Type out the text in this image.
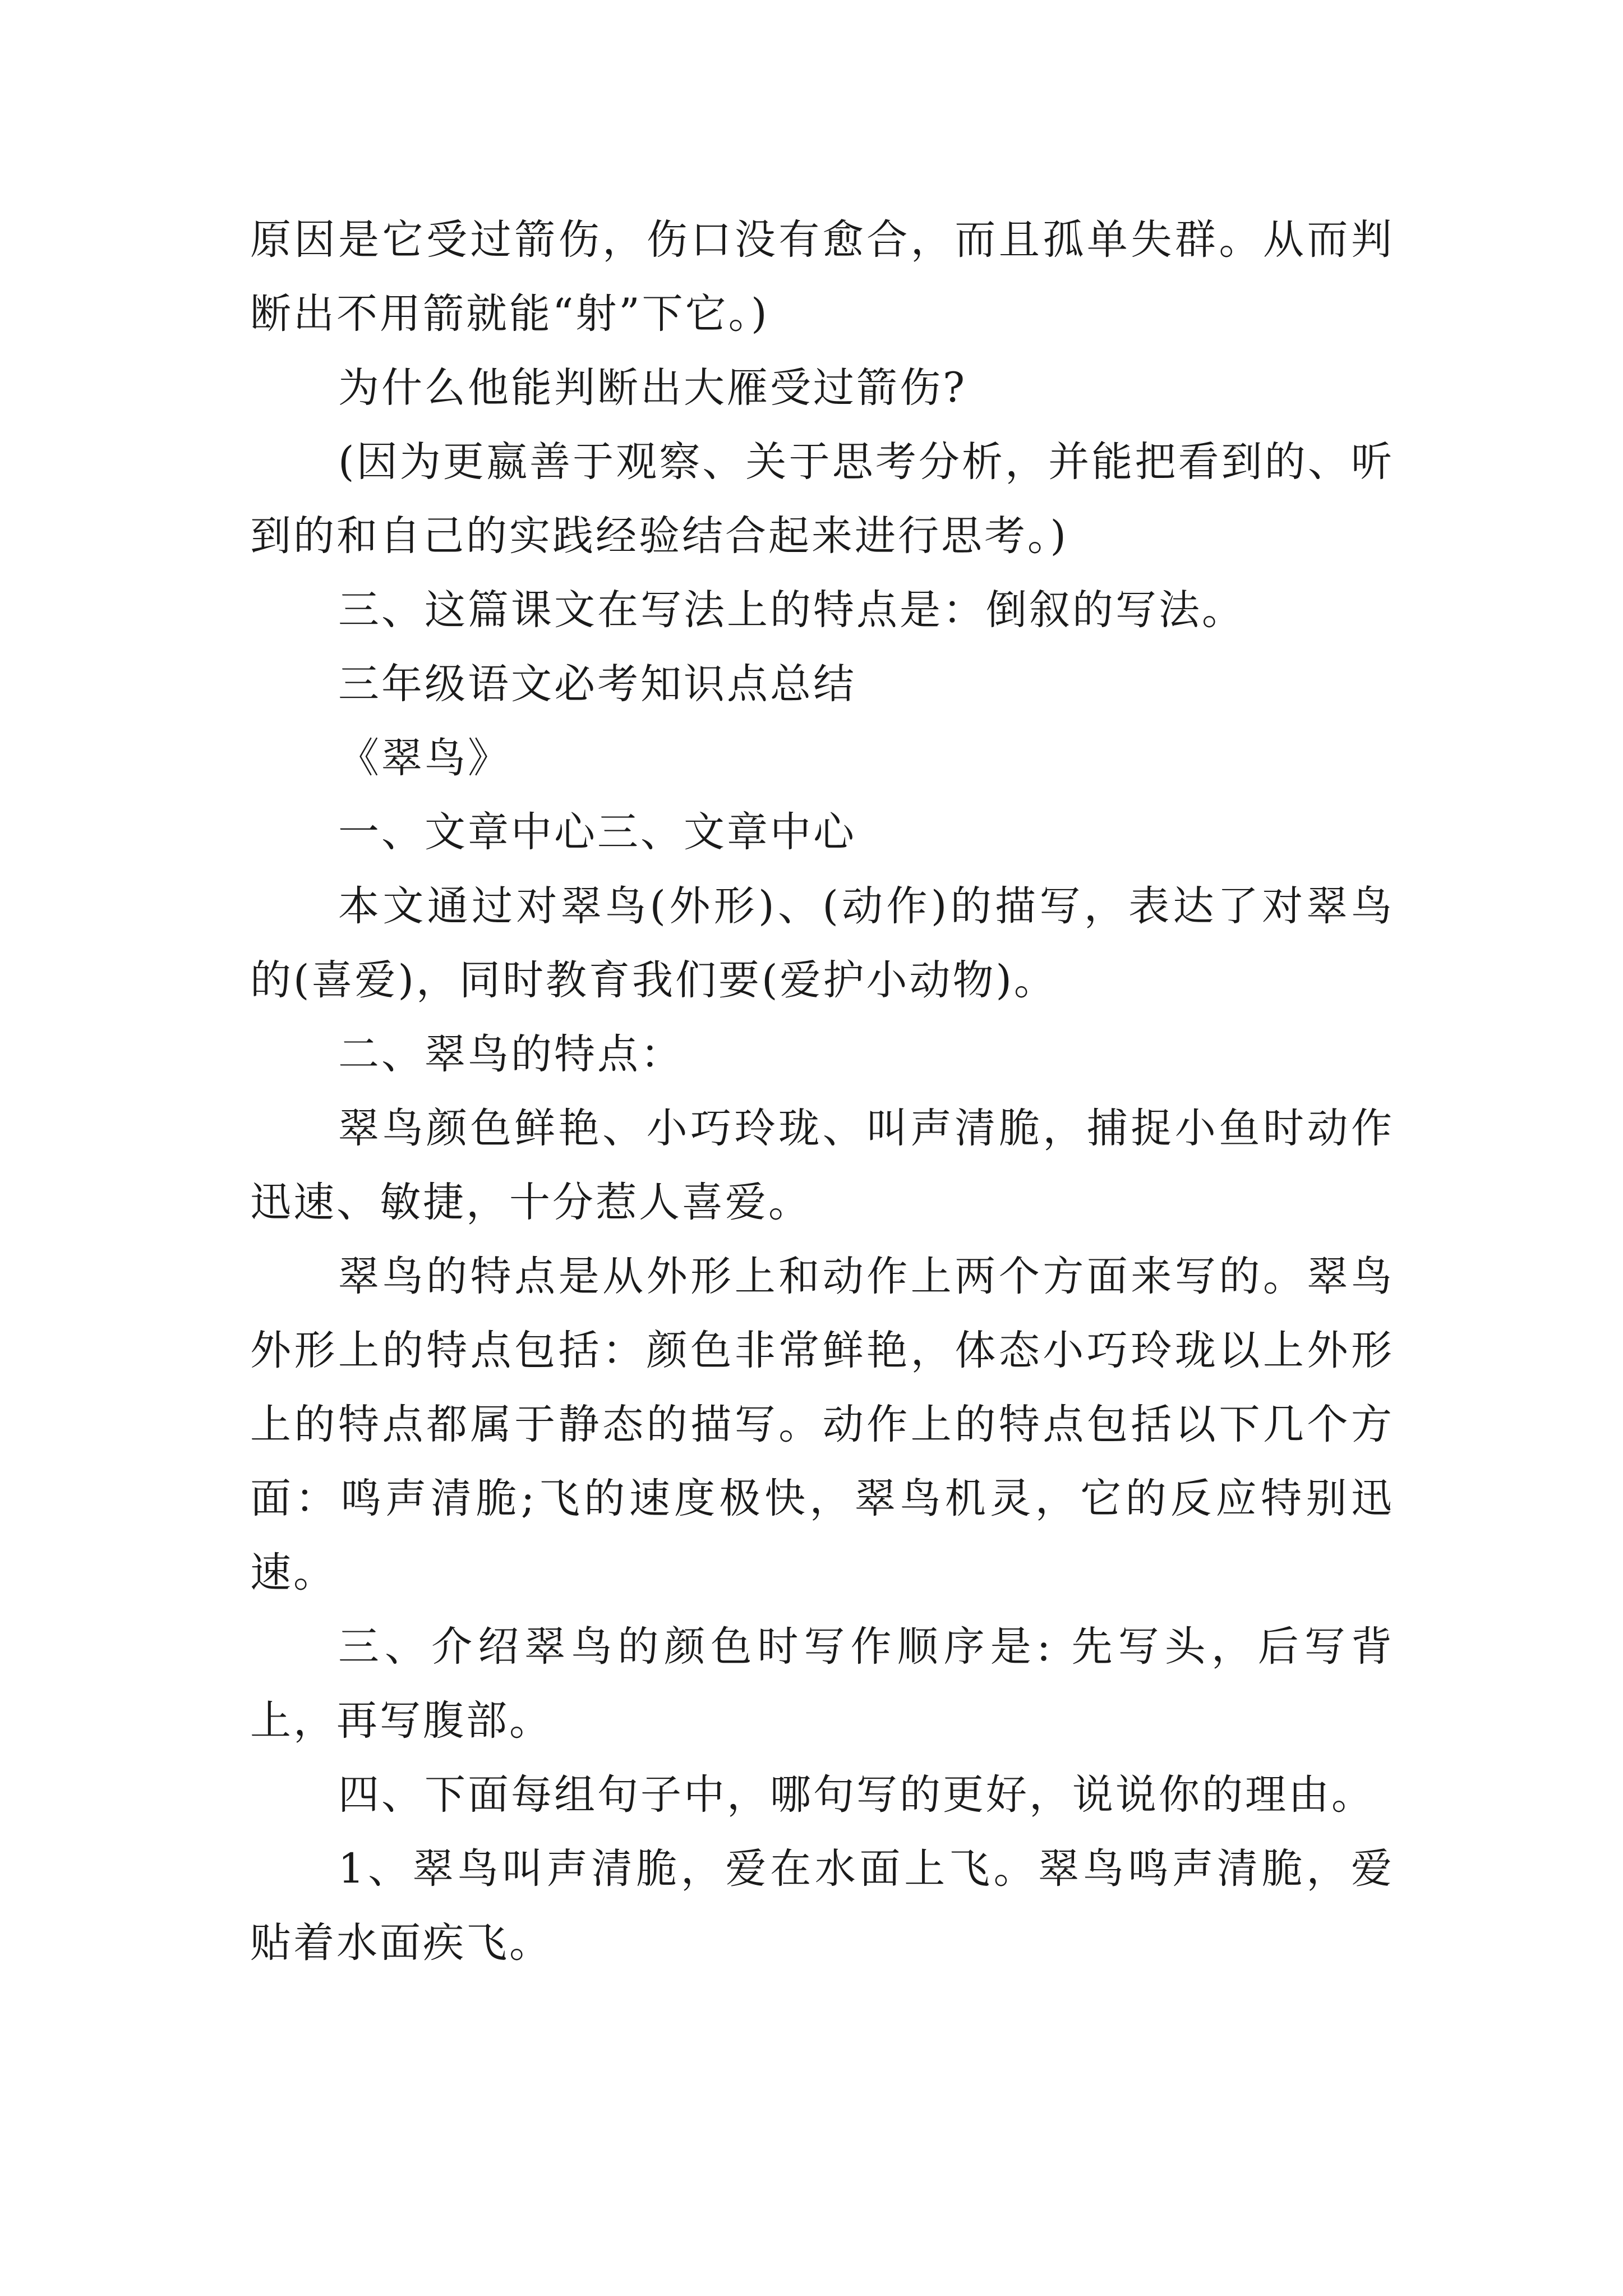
原因是它受过箭伤，伤口没有愈合，而且孤单失群。从而判断出不用箭就能“射”下它。)

为什么他能判断出大雁受过箭伤?

(因为更嬴善于观察、关于思考分析，并能把看到的、听到的和自己的实践经验结合起来进行思考。)

三、这篇课文在写法上的特点是：倒叙的写法。

三年级语文必考知识点总结

《翠鸟》

一、文章中心三、文章中心

本文通过对翠鸟(外形)、(动作)的描写，表达了对翠鸟的(喜爱)，同时教育我们要(爱护小动物)。

二、翠鸟的特点：

翠鸟颜色鲜艳、小巧玲珑、叫声清脆，捕捉小鱼时动作迅速、敏捷，十分惹人喜爱。

翠鸟的特点是从外形上和动作上两个方面来写的。翠鸟外形上的特点包括：颜色非常鲜艳，体态小巧玲珑以上外形上的特点都属于静态的描写。动作上的特点包括以下几个方面：鸣声清脆;飞的速度极快，翠鸟机灵，它的反应特别迅速。

三、介绍翠鸟的颜色时写作顺序是: 先写头，后写背上，再写腹部。

四、下面每组句子中，哪句写的更好，说说你的理由。

1、翠鸟叫声清脆，爱在水面上飞。翠鸟鸣声清脆，爱贴着水面疾飞。
